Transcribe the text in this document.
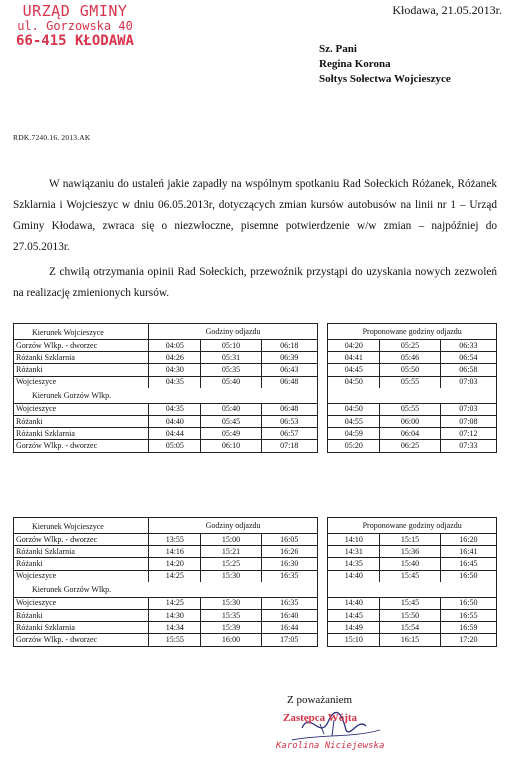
URZĄD GMINY
ul. Gorzowska 40
66-415 KŁODAWA
Kłodawa, 21.05.2013r.
Sz. Pani
Regina Korona
Sołtys Sołectwa Wojcieszyce
RDK.7240.16. 2013.AK

W nawiązaniu do ustaleń jakie zapadły na wspólnym spotkaniu Rad Sołeckich Różanek, Różanek Szklarnia i Wojcieszyc w dniu 06.05.2013r, dotyczących zmian kursów autobusów na linii nr 1 – Urząd Gminy Kłodawa, zwraca się o niezwłoczne, pisemne potwierdzenie w/w zmian – najpóźniej do 27.05.2013r.

Z chwilą otrzymania opinii Rad Sołeckich, przewoźnik przystąpi do uzyskania nowych zezwoleń na realizację zmienionych kursów.

Kierunek Wojcieszyce	Godziny odjazdu				Proponowane godziny odjazdu		
Gorzów Wlkp. - dworzec	04:05	05:10	06:18		04:20	05:25	06:33
Różanki Szklarnia	04:26	05:31	06:39		04:41	05:46	06:54
Różanki	04:30	05:35	06:43		04:45	05:50	06:58
Wojcieszyce	04:35	05:40	06:48		04:50	05:55	07:03
Kierunek Gorzów Wlkp.							
Wojcieszyce	04:35	05:40	06:48		04:50	05:55	07:03
Różanki	04:40	05:45	06:53		04:55	06:00	07:08
Różanki Szklarnia	04:44	05:49	06:57		04:59	06:04	07:12
Gorzów Wlkp. - dworzec	05:05	06:10	07:18		05:20	06:25	07:33
Kierunek Wojcieszyce	Godziny odjazdu				Proponowane godziny odjazdu		
Gorzów Wlkp. - dworzec	13:55	15:00	16:05		14:10	15:15	16:20
Różanki Szklarnia	14:16	15:21	16:26		14:31	15:36	16:41
Różanki	14:20	15:25	16:30		14:35	15:40	16:45
Wojcieszyce	14:25	15:30	16:35		14:40	15:45	16:50
Kierunek Gorzów Wlkp.							
Wojcieszyce	14:25	15:30	16:35		14:40	15:45	16:50
Różanki	14:30	15:35	16:40		14:45	15:50	16:55
Różanki Szklarnia	14:34	15:39	16:44		14:49	15:54	16:59
Gorzów Wlkp. - dworzec	15:55	16:00	17:05		15:10	16:15	17:20
Z poważaniem
Zastępca Wójta
Karolina Niciejewska
